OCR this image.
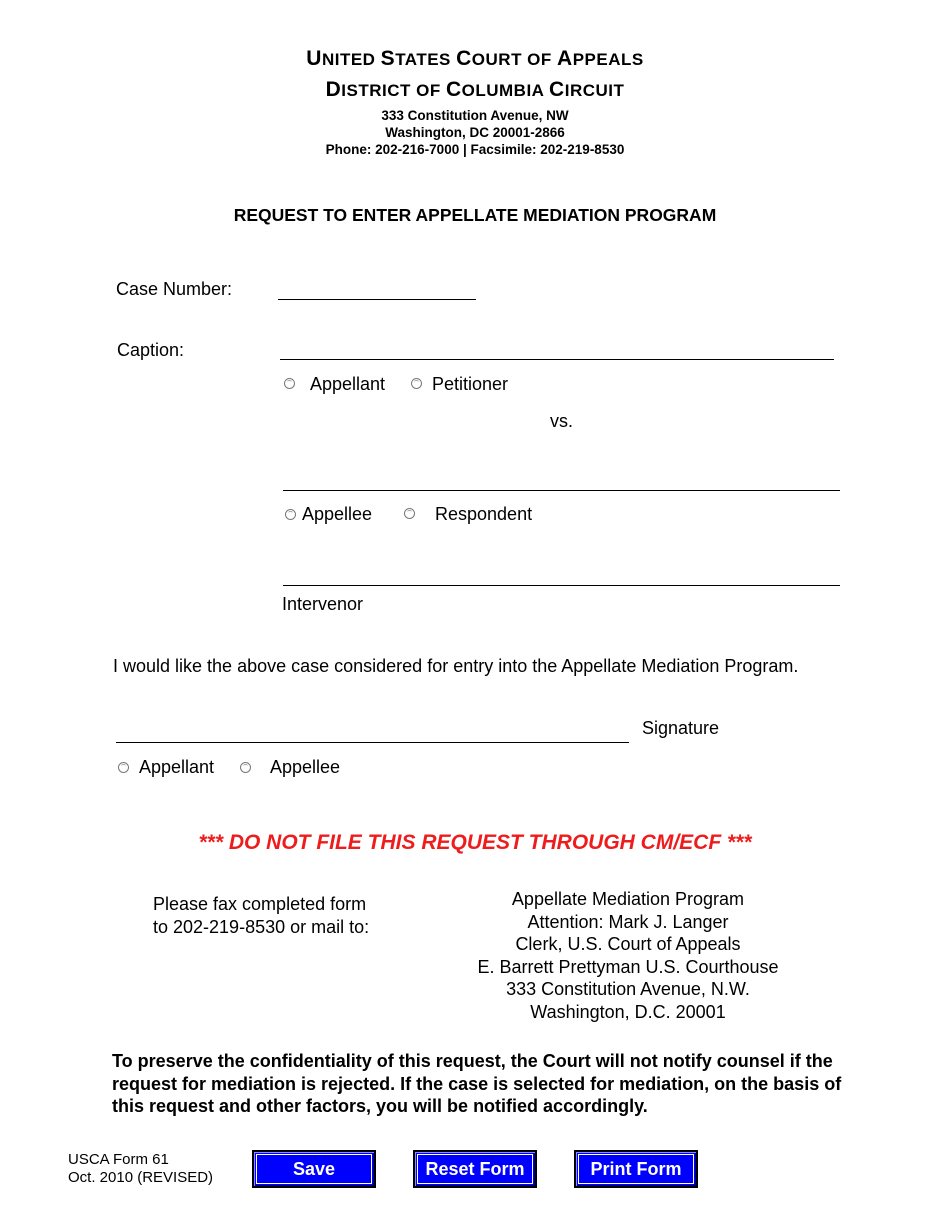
UNITED STATES COURT OF APPEALS
DISTRICT OF COLUMBIA CIRCUIT
333 Constitution Avenue, NW
Washington, DC 20001-2866
Phone: 202-216-7000 | Facsimile: 202-219-8530
REQUEST TO ENTER APPELLATE MEDIATION PROGRAM
Case Number:
Caption:
Appellant	Petitioner
vs.
Appellee	Respondent
Intervenor
I would like the above case considered for entry into the Appellate Mediation Program.
Signature
Appellant	Appellee
*** DO NOT FILE THIS REQUEST THROUGH CM/ECF ***
Please fax completed form
to 202-219-8530 or mail to:
Appellate Mediation Program
Attention: Mark J. Langer
Clerk, U.S. Court of Appeals
E. Barrett Prettyman U.S. Courthouse
333 Constitution Avenue, N.W.
Washington, D.C. 20001
To preserve the confidentiality of this request, the Court will not notify counsel if the request for mediation is rejected. If the case is selected for mediation, on the basis of this request and other factors, you will be notified accordingly.
USCA Form 61
Oct. 2010 (REVISED)	Save	Reset Form	Print Form
